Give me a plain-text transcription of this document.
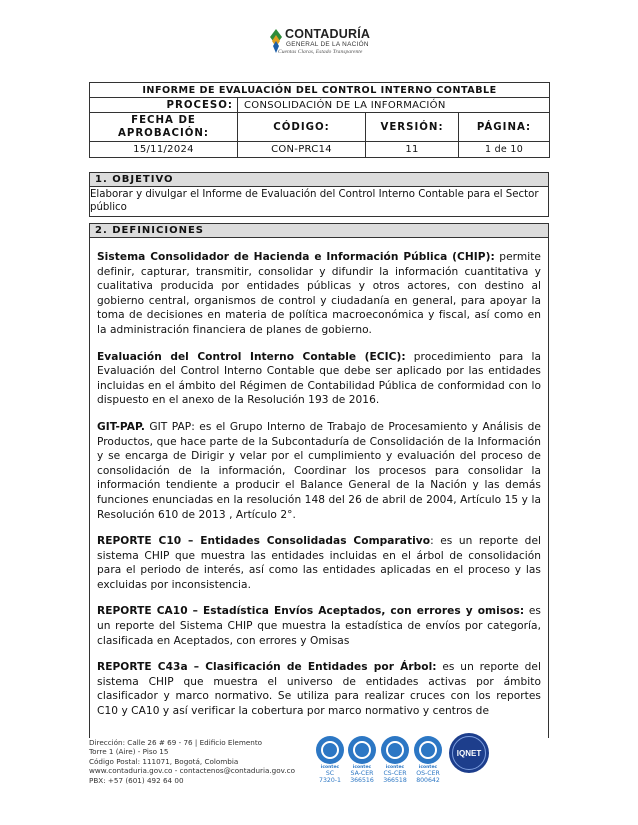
CONTADURÍA
GENERAL DE LA NACIÓN
Cuentas Claras, Estado Transparente
INFORME DE EVALUACIÓN DEL CONTROL INTERNO CONTABLE			
PROCESO:	CONSOLIDACIÓN DE LA INFORMACIÓN		

FECHA DE
APROBACIÓN:	CÓDIGO:	VERSIÓN:	PÁGINA:
15/11/2024	CON-PRC14	11	1 de 10
1. OBJETIVO
Elaborar y divulgar el Informe de Evaluación del Control Interno Contable para el Sector público
2. DEFINICIONES

Sistema Consolidador de Hacienda e Información Pública (CHIP): permite definir, capturar, transmitir, consolidar y difundir la información cuantitativa y cualitativa producida por entidades públicas y otros actores, con destino al gobierno central, organismos de control y ciudadanía en general, para apoyar la toma de decisiones en materia de política macroeconómica y fiscal, así como en la administración financiera de planes de gobierno.

Evaluación del Control Interno Contable (ECIC): procedimiento para la Evaluación del Control Interno Contable que debe ser aplicado por las entidades incluidas en el ámbito del Régimen de Contabilidad Pública de conformidad con lo dispuesto en el anexo de la Resolución 193 de 2016.

GIT-PAP. GIT PAP: es el Grupo Interno de Trabajo de Procesamiento y Análisis de Productos, que hace parte de la Subcontaduría de Consolidación de la Información y se encarga de Dirigir y velar por el cumplimiento y evaluación del proceso de consolidación de la información, Coordinar los procesos para consolidar la información tendiente a producir el Balance General de la Nación y las demás funciones enunciadas en la resolución 148 del 26 de abril de 2004, Artículo 15 y la Resolución 610 de 2013 , Artículo 2°.

REPORTE C10 – Entidades Consolidadas Comparativo: es un reporte del sistema CHIP que muestra las entidades incluidas en el árbol de consolidación para el periodo de interés, así como las entidades aplicadas en el proceso y las excluidas por inconsistencia.

REPORTE CA10 – Estadística Envíos Aceptados, con errores y omisos: es un reporte del Sistema CHIP que muestra la estadística de envíos por categoría, clasificada en Aceptados, con errores y Omisas

REPORTE C43a – Clasificación de Entidades por Árbol: es un reporte del sistema CHIP que muestra el universo de entidades activas por ámbito clasificador y marco normativo. Se utiliza para realizar cruces con los reportes C10 y CA10 y así verificar la cobertura por marco normativo y centros de

Dirección: Calle 26 # 69 - 76 | Edificio Elemento
Torre 1 (Aire) - Piso 15
Código Postal: 111071, Bogotá, Colombia
www.contaduria.gov.co - contactenos@contaduria.gov.co
PBX: +57 (601) 492 64 00
icontec
SC
7320-1
icontec
SA-CER
366516
icontec
CS-CER
366518
icontec
OS-CER
800642
IQNET
